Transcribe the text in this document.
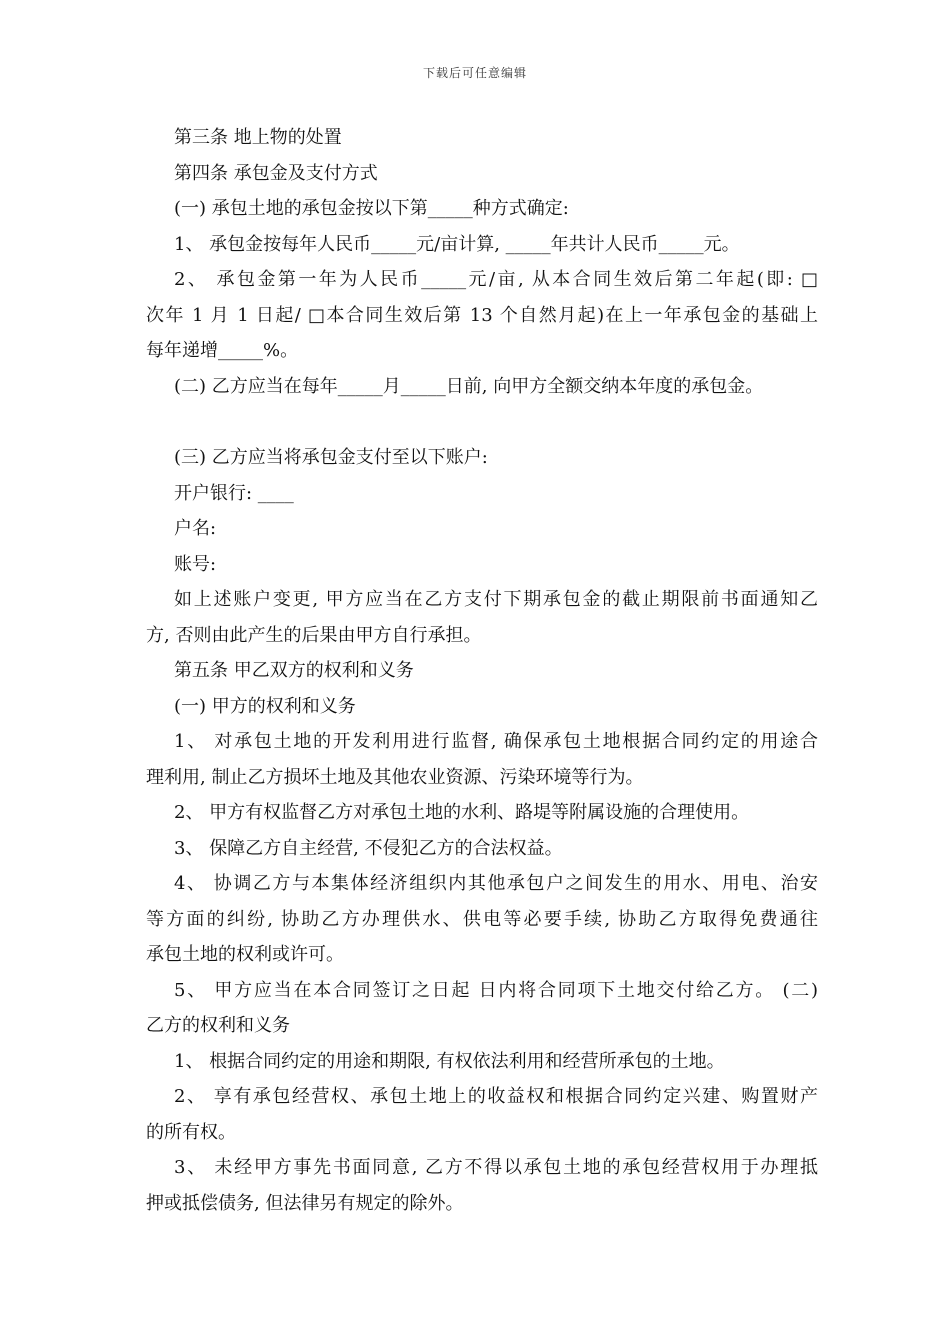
下载后可任意编辑
第三条 地上物的处置
第四条 承包金及支付方式
(一) 承包土地的承包金按以下第_____种方式确定:
1、 承包金按每年人民币_____元/亩计算, _____年共计人民币_____元。
2、 承包金第一年为人民币_____元/亩, 从本合同生效后第二年起(即: □
次年 1 月 1 日起/ □本合同生效后第 13 个自然月起)在上一年承包金的基础上
每年递增_____%。
(二) 乙方应当在每年_____月_____日前, 向甲方全额交纳本年度的承包金。
(三) 乙方应当将承包金支付至以下账户:
开户银行: ____
户名:
账号:
如上述账户变更, 甲方应当在乙方支付下期承包金的截止期限前书面通知乙
方, 否则由此产生的后果由甲方自行承担。
第五条 甲乙双方的权利和义务
(一) 甲方的权利和义务
1、 对承包土地的开发利用进行监督, 确保承包土地根据合同约定的用途合
理利用, 制止乙方损坏土地及其他农业资源、污染环境等行为。
2、 甲方有权监督乙方对承包土地的水利、路堤等附属设施的合理使用。
3、 保障乙方自主经营, 不侵犯乙方的合法权益。
4、 协调乙方与本集体经济组织内其他承包户之间发生的用水、用电、治安
等方面的纠纷, 协助乙方办理供水、供电等必要手续, 协助乙方取得免费通往
承包土地的权利或许可。
5、 甲方应当在本合同签订之日起 日内将合同项下土地交付给乙方。 (二)
乙方的权利和义务
1、 根据合同约定的用途和期限, 有权依法利用和经营所承包的土地。
2、 享有承包经营权、承包土地上的收益权和根据合同约定兴建、购置财产
的所有权。
3、 未经甲方事先书面同意, 乙方不得以承包土地的承包经营权用于办理抵
押或抵偿债务, 但法律另有规定的除外。
